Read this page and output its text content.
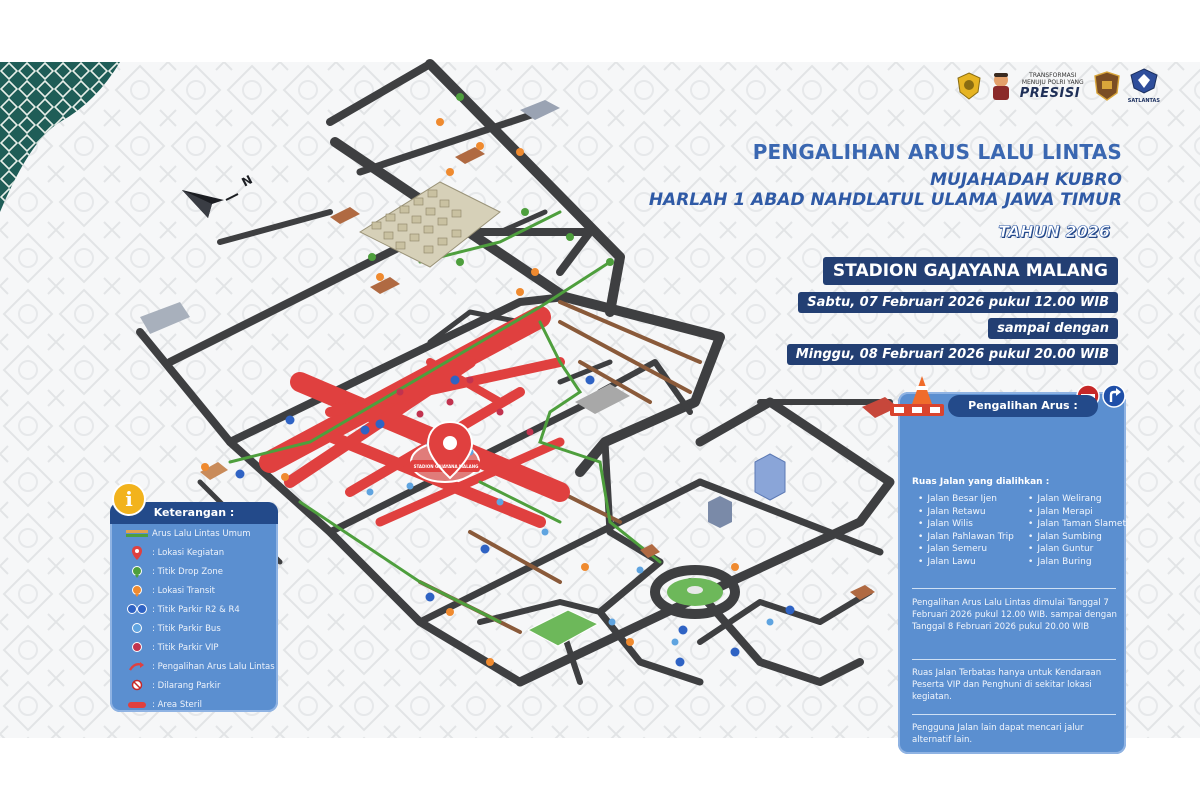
STADION GAJAYANA MALANG
N
TRANSFORMASI MENUJU POLRI YANG
PRESISI
SATLANTAS
PENGALIHAN ARUS LALU LINTAS
MUJAHADAH KUBRO
HARLAH 1 ABAD NAHDLATUL ULAMA JAWA TIMUR
TAHUN 2026
STADION GAJAYANA MALANG
Sabtu, 07 Februari 2026 pukul 12.00 WIB
sampai dengan
Minggu, 08 Februari 2026 pukul 20.00 WIB
Keterangan :
i
Arus Lalu Lintas Umum
: Lokasi Kegiatan
: Titik Drop Zone
: Lokasi Transit
: Titik Parkir R2 & R4
: Titik Parkir Bus
: Titik Parkir VIP
: Pengalihan Arus Lalu Lintas
: Dilarang Parkir
: Area Steril
Pengalihan Arus :
Ruas Jalan yang dialihkan :
• Jalan Besar Ijen
• Jalan Retawu
• Jalan Wilis
• Jalan Pahlawan Trip
• Jalan Semeru
• Jalan Lawu
• Jalan Welirang
• Jalan Merapi
• Jalan Taman Slamet
• Jalan Sumbing
• Jalan Guntur
• Jalan Buring
Pengalihan Arus Lalu Lintas dimulai Tanggal 7 Februari 2026 pukul 12.00 WIB. sampai dengan Tanggal 8 Februari 2026 pukul 20.00 WIB
Ruas Jalan Terbatas hanya untuk Kendaraan Peserta VIP dan Penghuni di sekitar lokasi kegiatan.
Pengguna Jalan lain dapat mencari jalur alternatif lain.
